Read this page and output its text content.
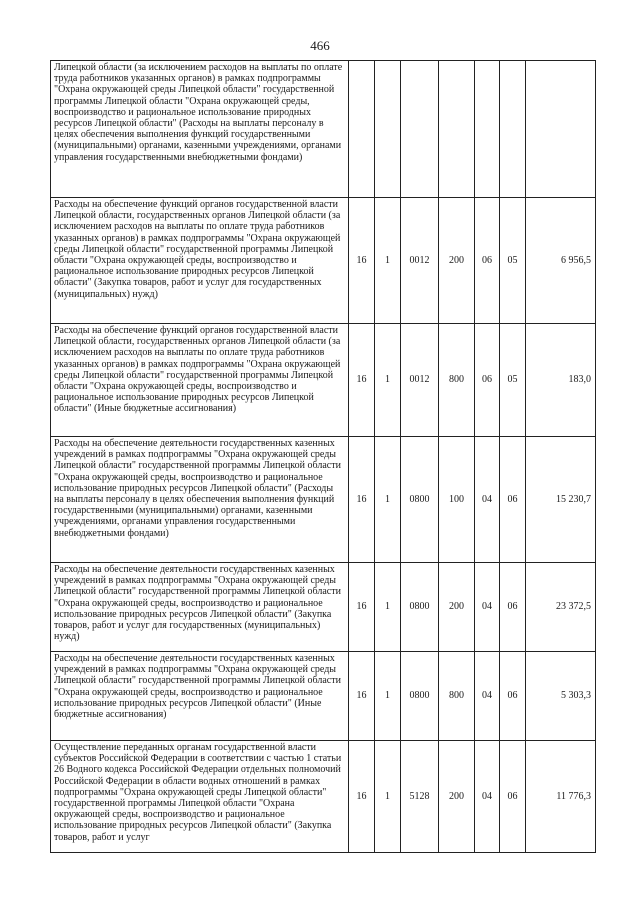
466
Липецкой области (за исключением расходов на выплаты по оплате труда работников указанных органов) в рамках подпрограммы "Охрана окружающей среды Липецкой области" государственной программы Липецкой области "Охрана окружающей среды, воспроизводство и рациональное использование природных ресурсов Липецкой области" (Расходы на выплаты персоналу в целях обеспечения выполнения функций государственными (муниципальными) органами, казенными учреждениями, органами управления государственными внебюджетными фондами)							
Расходы на обеспечение функций органов государственной власти Липецкой области, государственных органов Липецкой области (за исключением расходов на выплаты по оплате труда работников указанных органов) в рамках подпрограммы "Охрана окружающей среды Липецкой области" государственной программы Липецкой области "Охрана окружающей среды, воспроизводство и рациональное использование природных ресурсов Липецкой области" (Закупка товаров, работ и услуг для государственных (муниципальных) нужд)	16	1	0012	200	06	05	6 956,5
Расходы на обеспечение функций органов государственной власти Липецкой области, государственных органов Липецкой области (за исключением расходов на выплаты по оплате труда работников указанных органов) в рамках подпрограммы "Охрана окружающей среды Липецкой области" государственной программы Липецкой области "Охрана окружающей среды, воспроизводство и рациональное использование природных ресурсов Липецкой области" (Иные бюджетные ассигнования)	16	1	0012	800	06	05	183,0
Расходы на обеспечение деятельности государственных казенных учреждений в рамках подпрограммы "Охрана окружающей среды Липецкой области" государственной программы Липецкой области "Охрана окружающей среды, воспроизводство и рациональное использование природных ресурсов Липецкой области" (Расходы на выплаты персоналу в целях обеспечения выполнения функций государственными (муниципальными) органами, казенными учреждениями, органами управления государственными внебюджетными фондами)	16	1	0800	100	04	06	15 230,7
Расходы на обеспечение деятельности государственных казенных учреждений в рамках подпрограммы "Охрана окружающей среды Липецкой области" государственной программы Липецкой области "Охрана окружающей среды, воспроизводство и рациональное использование природных ресурсов Липецкой области" (Закупка товаров, работ и услуг для государственных (муниципальных) нужд)	16	1	0800	200	04	06	23 372,5
Расходы на обеспечение деятельности государственных казенных учреждений в рамках подпрограммы "Охрана окружающей среды Липецкой области" государственной программы Липецкой области "Охрана окружающей среды, воспроизводство и рациональное использование природных ресурсов Липецкой области" (Иные бюджетные ассигнования)	16	1	0800	800	04	06	5 303,3
Осуществление переданных органам государственной власти субъектов Российской Федерации в соответствии с частью 1 статьи 26 Водного кодекса Российской Федерации отдельных полномочий Российской Федерации в области водных отношений в рамках подпрограммы "Охрана окружающей среды Липецкой области" государственной программы Липецкой области "Охрана окружающей среды, воспроизводство и рациональное использование природных ресурсов Липецкой области" (Закупка товаров, работ и услуг	16	1	5128	200	04	06	11 776,3
